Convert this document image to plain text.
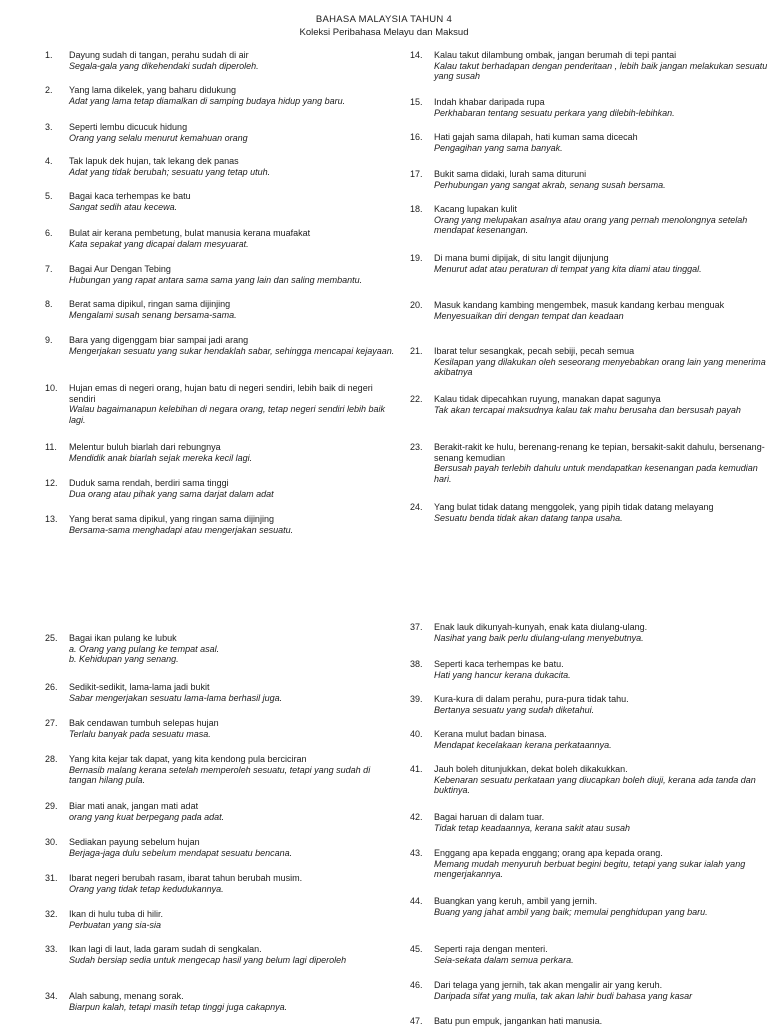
BAHASA MALAYSIA TAHUN 4
Koleksi Peribahasa Melayu dan Maksud
1. Dayung sudah di tangan, perahu sudah di air
Segala-gala yang dikehendaki sudah diperoleh.
2. Yang lama dikelek, yang baharu didukung
Adat yang lama tetap diamalkan di samping budaya hidup yang baru.
3. Seperti lembu dicucuk hidung
Orang yang selalu menurut kemahuan orang
4. Tak lapuk dek hujan, tak lekang dek panas
Adat yang tidak berubah; sesuatu yang tetap utuh.
5. Bagai kaca terhempas ke batu
Sangat sedih atau kecewa.
6. Bulat air kerana pembetung, bulat manusia kerana muafakat
Kata sepakat yang dicapai dalam mesyuarat.
7. Bagai Aur Dengan Tebing
Hubungan yang rapat antara sama sama yang lain dan saling membantu.
8. Berat sama dipikul, ringan sama dijinjing
Mengalami susah senang bersama-sama.
9. Bara yang digenggam biar sampai jadi arang
Mengerjakan sesuatu yang sukar hendaklah sabar, sehingga mencapai kejayaan.
10. Hujan emas di negeri orang, hujan batu di negeri sendiri, lebih baik di negeri sendiri
Walau bagaimanapun kelebihan di negara orang, tetap negeri sendiri lebih baik lagi.
11. Melentur buluh biarlah dari rebungnya
Mendidik anak biarlah sejak mereka kecil lagi.
12. Duduk sama rendah, berdiri sama tinggi
Dua orang atau pihak yang sama darjat dalam adat
13. Yang berat sama dipikul, yang ringan sama dijinjing
Bersama-sama menghadapi atau mengerjakan sesuatu.
14. Kalau takut dilambung ombak, jangan berumah di tepi pantai
Kalau takut berhadapan dengan penderitaan , lebih baik jangan melakukan sesuatu yang susah
15. Indah khabar daripada rupa
Perkhabaran tentang sesuatu perkara yang dilebih-lebihkan.
16. Hati gajah sama dilapah, hati kuman sama dicecah
Pengagihan yang sama banyak.
17. Bukit sama didaki, lurah sama dituruni
Perhubungan yang sangat akrab, senang susah bersama.
18. Kacang lupakan kulit
Orang yang melupakan asalnya atau orang yang pernah menolongnya setelah mendapat kesenangan.
19. Di mana bumi dipijak, di situ langit dijunjung
Menurut adat atau peraturan di tempat yang kita diami atau tinggal.
20. Masuk kandang kambing mengembek, masuk kandang kerbau menguak
Menyesuaikan diri dengan tempat dan keadaan
21. Ibarat telur sesangkak, pecah sebiji, pecah semua
Kesilapan yang dilakukan oleh seseorang menyebabkan orang lain yang menerima akibatnya
22. Kalau tidak dipecahkan ruyung, manakan dapat sagunya
Tak akan tercapai maksudnya kalau tak mahu berusaha dan bersusah payah
23. Berakit-rakit ke hulu, berenang-renang ke tepian, bersakit-sakit dahulu, bersenang-senang kemudian
Bersusah payah terlebih dahulu untuk mendapatkan kesenangan pada kemudian hari.
24. Yang bulat tidak datang menggolek, yang pipih tidak datang melayang
Sesuatu benda tidak akan datang tanpa usaha.
25. Bagai ikan pulang ke lubuk
a. Orang yang pulang ke tempat asal.
b. Kehidupan yang senang.
26. Sedikit-sedikit, lama-lama jadi bukit
Sabar mengerjakan sesuatu lama-lama berhasil juga.
27. Bak cendawan tumbuh selepas hujan
Terlalu banyak pada sesuatu masa.
28. Yang kita kejar tak dapat, yang kita kendong pula berciciran
Bernasib malang kerana setelah memperoleh sesuatu, tetapi yang sudah di tangan hilang pula.
29. Biar mati anak, jangan mati adat
orang yang kuat berpegang pada adat.
30. Sediakan payung sebelum hujan
Berjaga-jaga dulu sebelum mendapat sesuatu bencana.
31. Ibarat negeri berubah rasam, ibarat tahun berubah musim.
Orang yang tidak tetap kedudukannya.
32. Ikan di hulu tuba di hilir.
Perbuatan yang sia-sia
33. Ikan lagi di laut, lada garam sudah di sengkalan.
Sudah bersiap sedia untuk mengecap hasil yang belum lagi diperoleh
34. Alah sabung, menang sorak.
Biarpun kalah, tetapi masih tetap tinggi juga cakapnya.
37. Enak lauk dikunyah-kunyah, enak kata diulang-ulang.
Nasihat yang baik perlu diulang-ulang menyebutnya.
38. Seperti kaca terhempas ke batu.
Hati yang hancur kerana dukacita.
39. Kura-kura di dalam perahu, pura-pura tidak tahu.
Bertanya sesuatu yang sudah diketahui.
40. Kerana mulut badan binasa.
Mendapat kecelakaan kerana perkataannya.
41. Jauh boleh ditunjukkan, dekat boleh dikakukkan.
Kebenaran sesuatu perkataan yang diucapkan boleh diuji, kerana ada tanda dan buktinya.
42. Bagai haruan di dalam tuar.
Tidak tetap keadaannya, kerana sakit atau susah
43. Enggang apa kepada enggang; orang apa kepada orang.
Memang mudah menyuruh berbuat begini begitu, tetapi yang sukar ialah yang mengerjakannya.
44. Buangkan yang keruh, ambil yang jernih.
Buang yang jahat ambil yang baik; memulai penghidupan yang baru.
45. Seperti raja dengan menteri.
Seia-sekata dalam semua perkara.
46. Dari telaga yang jernih, tak akan mengalir air yang keruh.
Daripada sifat yang mulia, tak akan lahir budi bahasa yang kasar
47. Batu pun empuk, jangankan hati manusia.
